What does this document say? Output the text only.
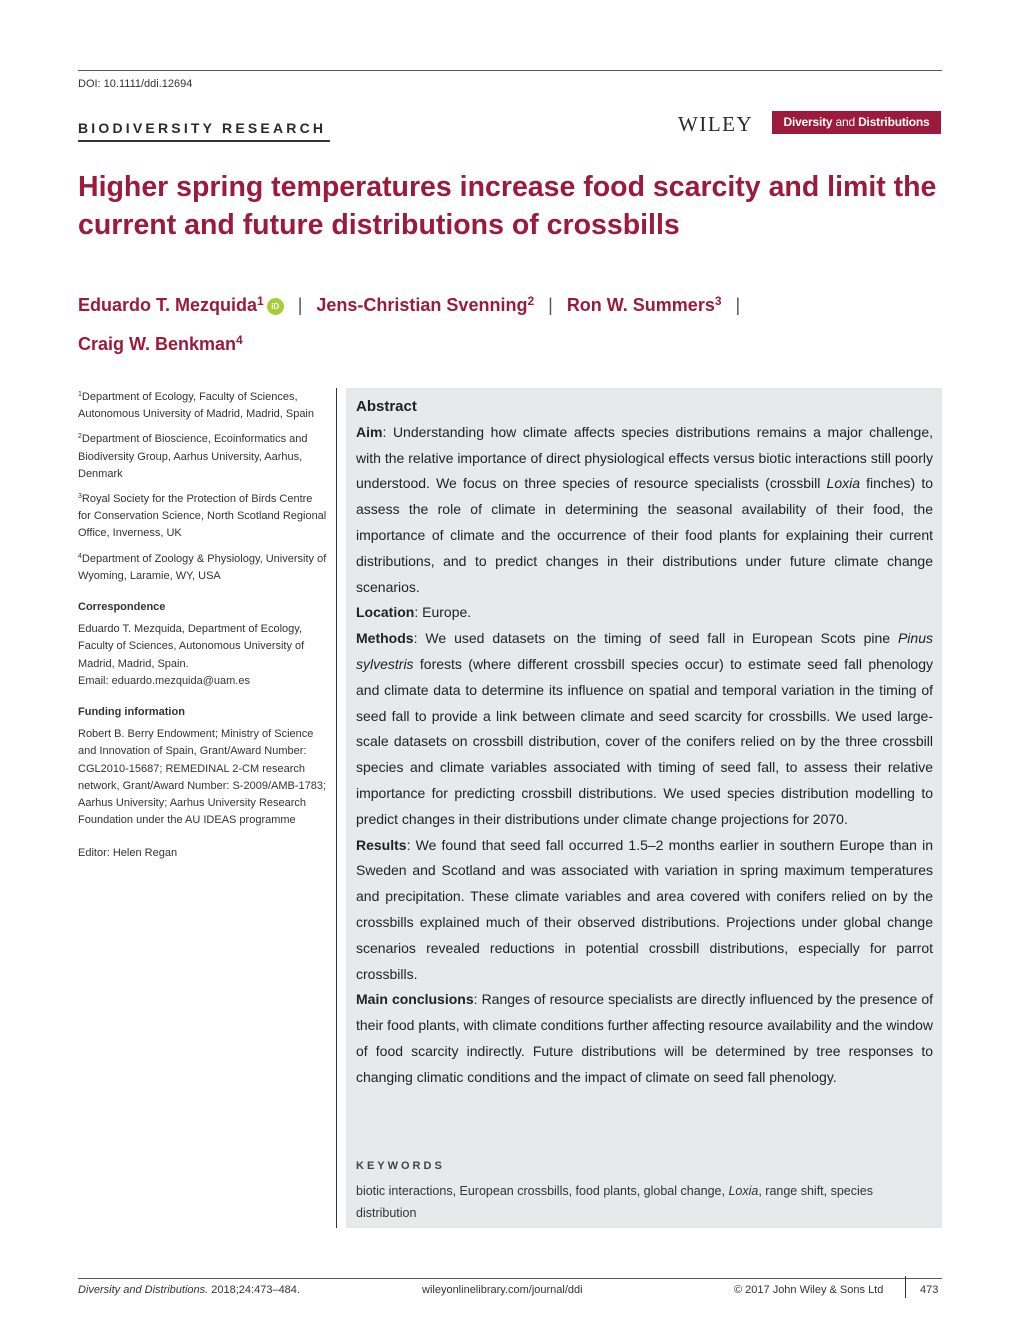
DOI: 10.1111/ddi.12694
BIODIVERSITY RESEARCH	WILEY	Diversity and Distributions
Higher spring temperatures increase food scarcity and limit the current and future distributions of crossbills
Eduardo T. Mezquida$^1$ iD | Jens-Christian Svenning$^2$ | Ron W. Summers$^3$ |
Craig W. Benkman$^4$

$^1$Department of Ecology, Faculty of Sciences, Autonomous University of Madrid, Madrid, Spain

$^2$Department of Bioscience, Ecoinformatics and Biodiversity Group, Aarhus University, Aarhus, Denmark

$^3$Royal Society for the Protection of Birds Centre for Conservation Science, North Scotland Regional Office, Inverness, UK

$^4$Department of Zoology & Physiology, University of Wyoming, Laramie, WY, USA

Correspondence

Eduardo T. Mezquida, Department of Ecology, Faculty of Sciences, Autonomous University of Madrid, Madrid, Spain.

Email: eduardo.mezquida@uam.es

Funding information

Robert B. Berry Endowment; Ministry of Science and Innovation of Spain, Grant/Award Number: CGL2010-15687; REMEDINAL 2-CM research network, Grant/Award Number: S-2009/AMB-1783; Aarhus University; Aarhus University Research Foundation under the AU IDEAS programme

Editor: Helen Regan

Abstract

Aim: Understanding how climate affects species distributions remains a major challenge, with the relative importance of direct physiological effects versus biotic interactions still poorly understood. We focus on three species of resource specialists (crossbill Loxia finches) to assess the role of climate in determining the seasonal availability of their food, the importance of climate and the occurrence of their food plants for explaining their current distributions, and to predict changes in their distributions under future climate change scenarios.

Location: Europe.

Methods: We used datasets on the timing of seed fall in European Scots pine Pinus sylvestris forests (where different crossbill species occur) to estimate seed fall phenology and climate data to determine its influence on spatial and temporal variation in the timing of seed fall to provide a link between climate and seed scarcity for crossbills. We used large-scale datasets on crossbill distribution, cover of the conifers relied on by the three crossbill species and climate variables associated with timing of seed fall, to assess their relative importance for predicting crossbill distributions. We used species distribution modelling to predict changes in their distributions under climate change projections for 2070.

Results: We found that seed fall occurred 1.5–2 months earlier in southern Europe than in Sweden and Scotland and was associated with variation in spring maximum temperatures and precipitation. These climate variables and area covered with conifers relied on by the crossbills explained much of their observed distributions. Projections under global change scenarios revealed reductions in potential crossbill distributions, especially for parrot crossbills.

Main conclusions: Ranges of resource specialists are directly influenced by the presence of their food plants, with climate conditions further affecting resource availability and the window of food scarcity indirectly. Future distributions will be determined by tree responses to changing climatic conditions and the impact of climate on seed fall phenology.

KEYWORDS
biotic interactions, European crossbills, food plants, global change, Loxia, range shift, species distribution
Diversity and Distributions. 2018;24:473–484.	wileyonlinelibrary.com/journal/ddi	© 2017 John Wiley & Sons Ltd	473
